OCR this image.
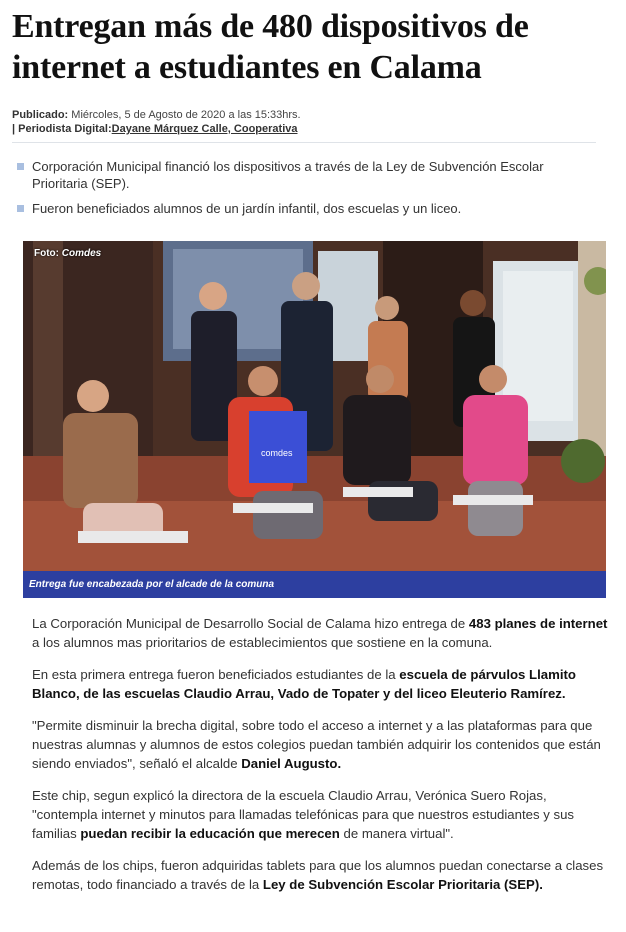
Entregan más de 480 dispositivos de internet a estudiantes en Calama
Publicado: Miércoles, 5 de Agosto de 2020 a las 15:33hrs.
| Periodista Digital:Dayane Márquez Calle, Cooperativa
Corporación Municipal financió los dispositivos a través de la Ley de Subvención Escolar Prioritaria (SEP).
Fueron beneficiados alumnos de un jardín infantil, dos escuelas y un liceo.
comdes
Foto: Comdes
Entrega fue encabezada por el alcade de la comuna

La Corporación Municipal de Desarrollo Social de Calama hizo entrega de 483 planes de internet a los alumnos mas prioritarios de establecimientos que sostiene en la comuna.

En esta primera entrega fueron beneficiados estudiantes de la escuela de párvulos Llamito Blanco, de las escuelas Claudio Arrau, Vado de Topater y del liceo Eleuterio Ramírez.

"Permite disminuir la brecha digital, sobre todo el acceso a internet y a las plataformas para que nuestras alumnas y alumnos de estos colegios puedan también adquirir los contenidos que están siendo enviados", señaló el alcalde Daniel Augusto.

Este chip, segun explicó la directora de la escuela Claudio Arrau, Verónica Suero Rojas, "contempla internet y minutos para llamadas telefónicas para que nuestros estudiantes y sus familias puedan recibir la educación que merecen de manera virtual".

Además de los chips, fueron adquiridas tablets para que los alumnos puedan conectarse a clases remotas, todo financiado a través de la Ley de Subvención Escolar Prioritaria (SEP).
